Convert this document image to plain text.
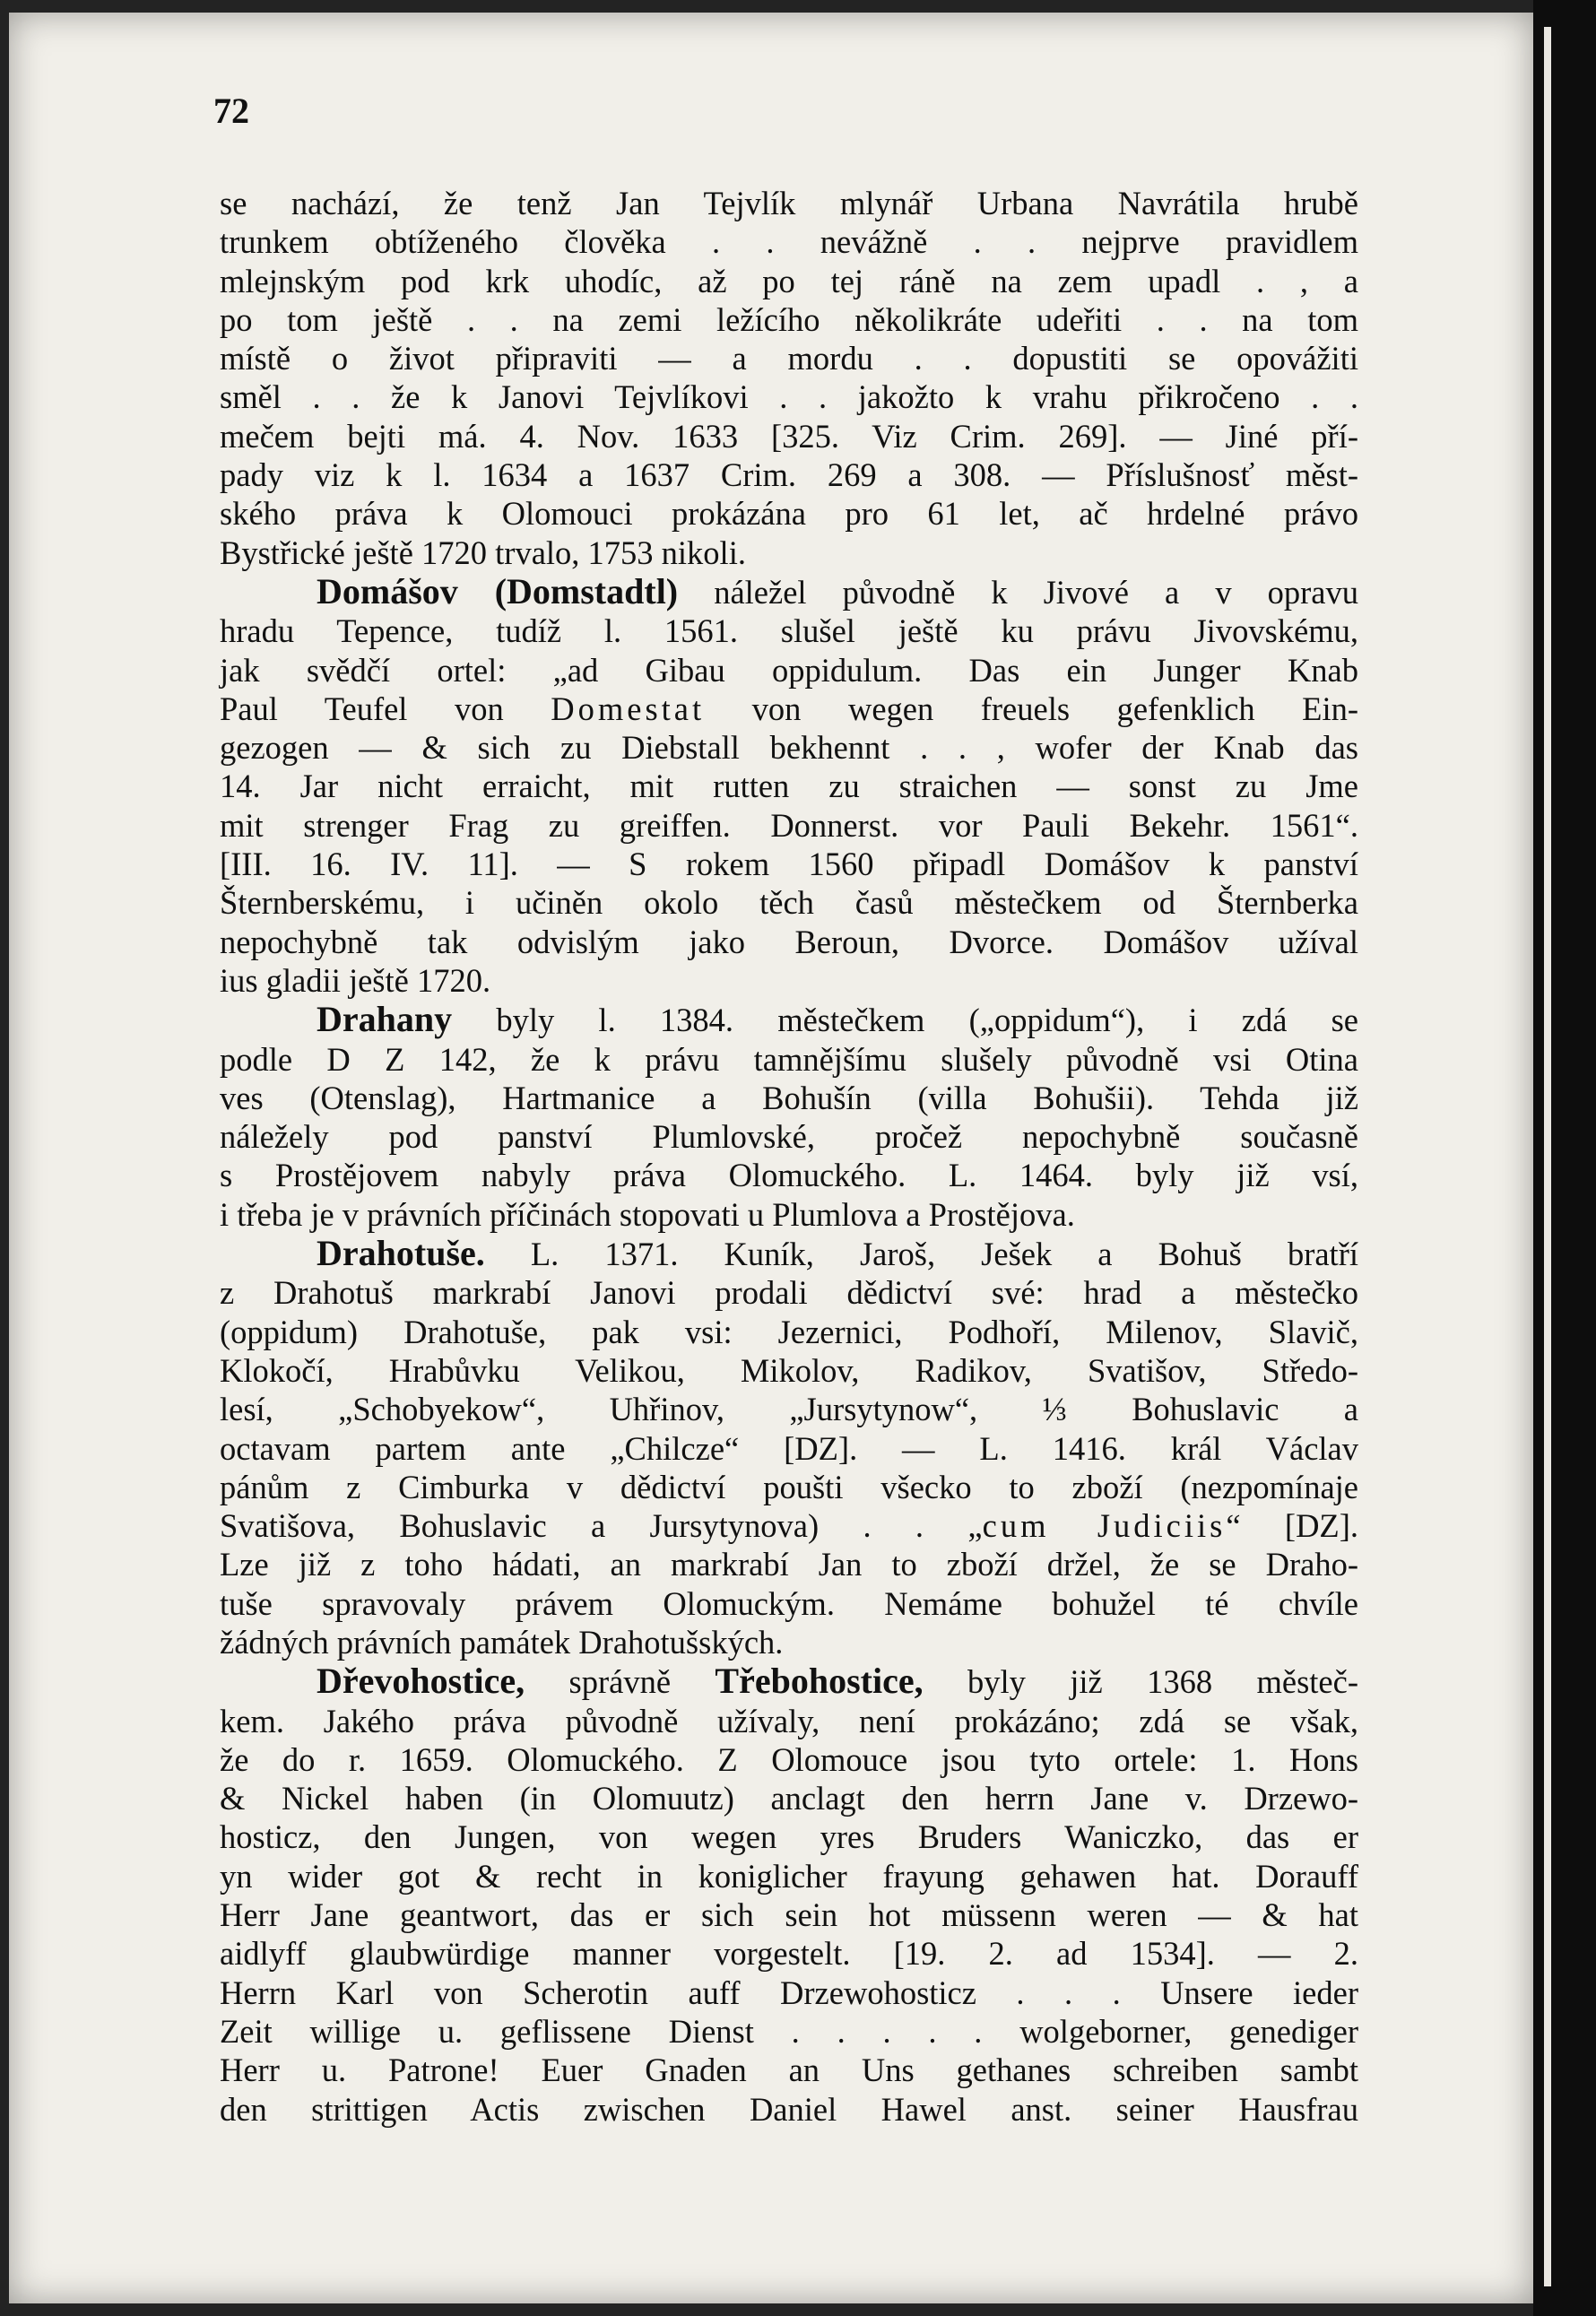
72
se nachází, že tenž Jan Tejvlík mlynář Urbana Navrátila hrubě
trunkem obtíženého člověka . . nevážně . . nejprve pravidlem
mlejnským pod krk uhodíc, až po tej ráně na zem upadl . , a
po tom ještě . . na zemi ležícího několikráte udeřiti . . na tom
místě o život připraviti — a mordu . . dopustiti se opovážiti
směl . . že k Janovi Tejvlíkovi . . jakožto k vrahu přikročeno . .
mečem bejti má. 4. Nov. 1633 [325. Viz Crim. 269]. — Jiné pří-
pady viz k l. 1634 a 1637 Crim. 269 a 308. — Příslušnosť měst-
ského práva k Olomouci prokázána pro 61 let, ač hrdelné právo
Bystřické ještě 1720 trvalo, 1753 nikoli.
Domášov (Domstadtl) náležel původně k Jivové a v opravu
hradu Tepence, tudíž l. 1561. slušel ještě ku právu Jivovskému,
jak svědčí ortel: „ad Gibau oppidulum. Das ein Junger Knab
Paul Teufel von Domestat von wegen freuels gefenklich Ein-
gezogen — & sich zu Diebstall bekhennt . . , wofer der Knab das
14. Jar nicht erraicht, mit rutten zu straichen — sonst zu Jme
mit strenger Frag zu greiffen. Donnerst. vor Pauli Bekehr. 1561“.
[III. 16. IV. 11]. — S rokem 1560 připadl Domášov k panství
Šternberskému, i učiněn okolo těch časů městečkem od Šternberka
nepochybně tak odvislým jako Beroun, Dvorce. Domášov užíval
ius gladii ještě 1720.
Drahany byly l. 1384. městečkem („oppidum“), i zdá se
podle D Z 142, že k právu tamnějšímu slušely původně vsi Otina
ves (Otenslag), Hartmanice a Bohušín (villa Bohušii). Tehda již
náležely pod panství Plumlovské, pročež nepochybně současně
s Prostějovem nabyly práva Olomuckého. L. 1464. byly již vsí,
i třeba je v právních příčinách stopovati u Plumlova a Prostějova.
Drahotuše. L. 1371. Kuník, Jaroš, Ješek a Bohuš bratří
z Drahotuš markrabí Janovi prodali dědictví své: hrad a městečko
(oppidum) Drahotuše, pak vsi: Jezernici, Podhoří, Milenov, Slavič,
Klokočí, Hrabůvku Velikou, Mikolov, Radikov, Svatišov, Středo-
lesí, „Schobyekow“, Uhřinov, „Jursytynow“, ⅓ Bohuslavic a
octavam partem ante „Chilcze“ [DZ]. — L. 1416. král Václav
pánům z Cimburka v dědictví poušti všecko to zboží (nezpomínaje
Svatišova, Bohuslavic a Jursytynova) . . „cum Judiciis“ [DZ].
Lze již z toho hádati, an markrabí Jan to zboží držel, že se Draho-
tuše spravovaly právem Olomuckým. Nemáme bohužel té chvíle
žádných právních památek Drahotušských.
Dřevohostice, správně Třebohostice, byly již 1368 městeč-
kem. Jakého práva původně užívaly, není prokázáno; zdá se však,
že do r. 1659. Olomuckého. Z Olomouce jsou tyto ortele: 1. Hons
& Nickel haben (in Olomuutz) anclagt den herrn Jane v. Drzewo-
hosticz, den Jungen, von wegen yres Bruders Waniczko, das er
yn wider got & recht in koniglicher frayung gehawen hat. Dorauff
Herr Jane geantwort, das er sich sein hot müssenn weren — & hat
aidlyff glaubwürdige manner vorgestelt. [19. 2. ad 1534]. — 2.
Herrn Karl von Scherotin auff Drzewohosticz . . . Unsere ieder
Zeit willige u. geflissene Dienst . . . . . wolgeborner, genediger
Herr u. Patrone! Euer Gnaden an Uns gethanes schreiben sambt
den strittigen Actis zwischen Daniel Hawel anst. seiner Hausfrau
